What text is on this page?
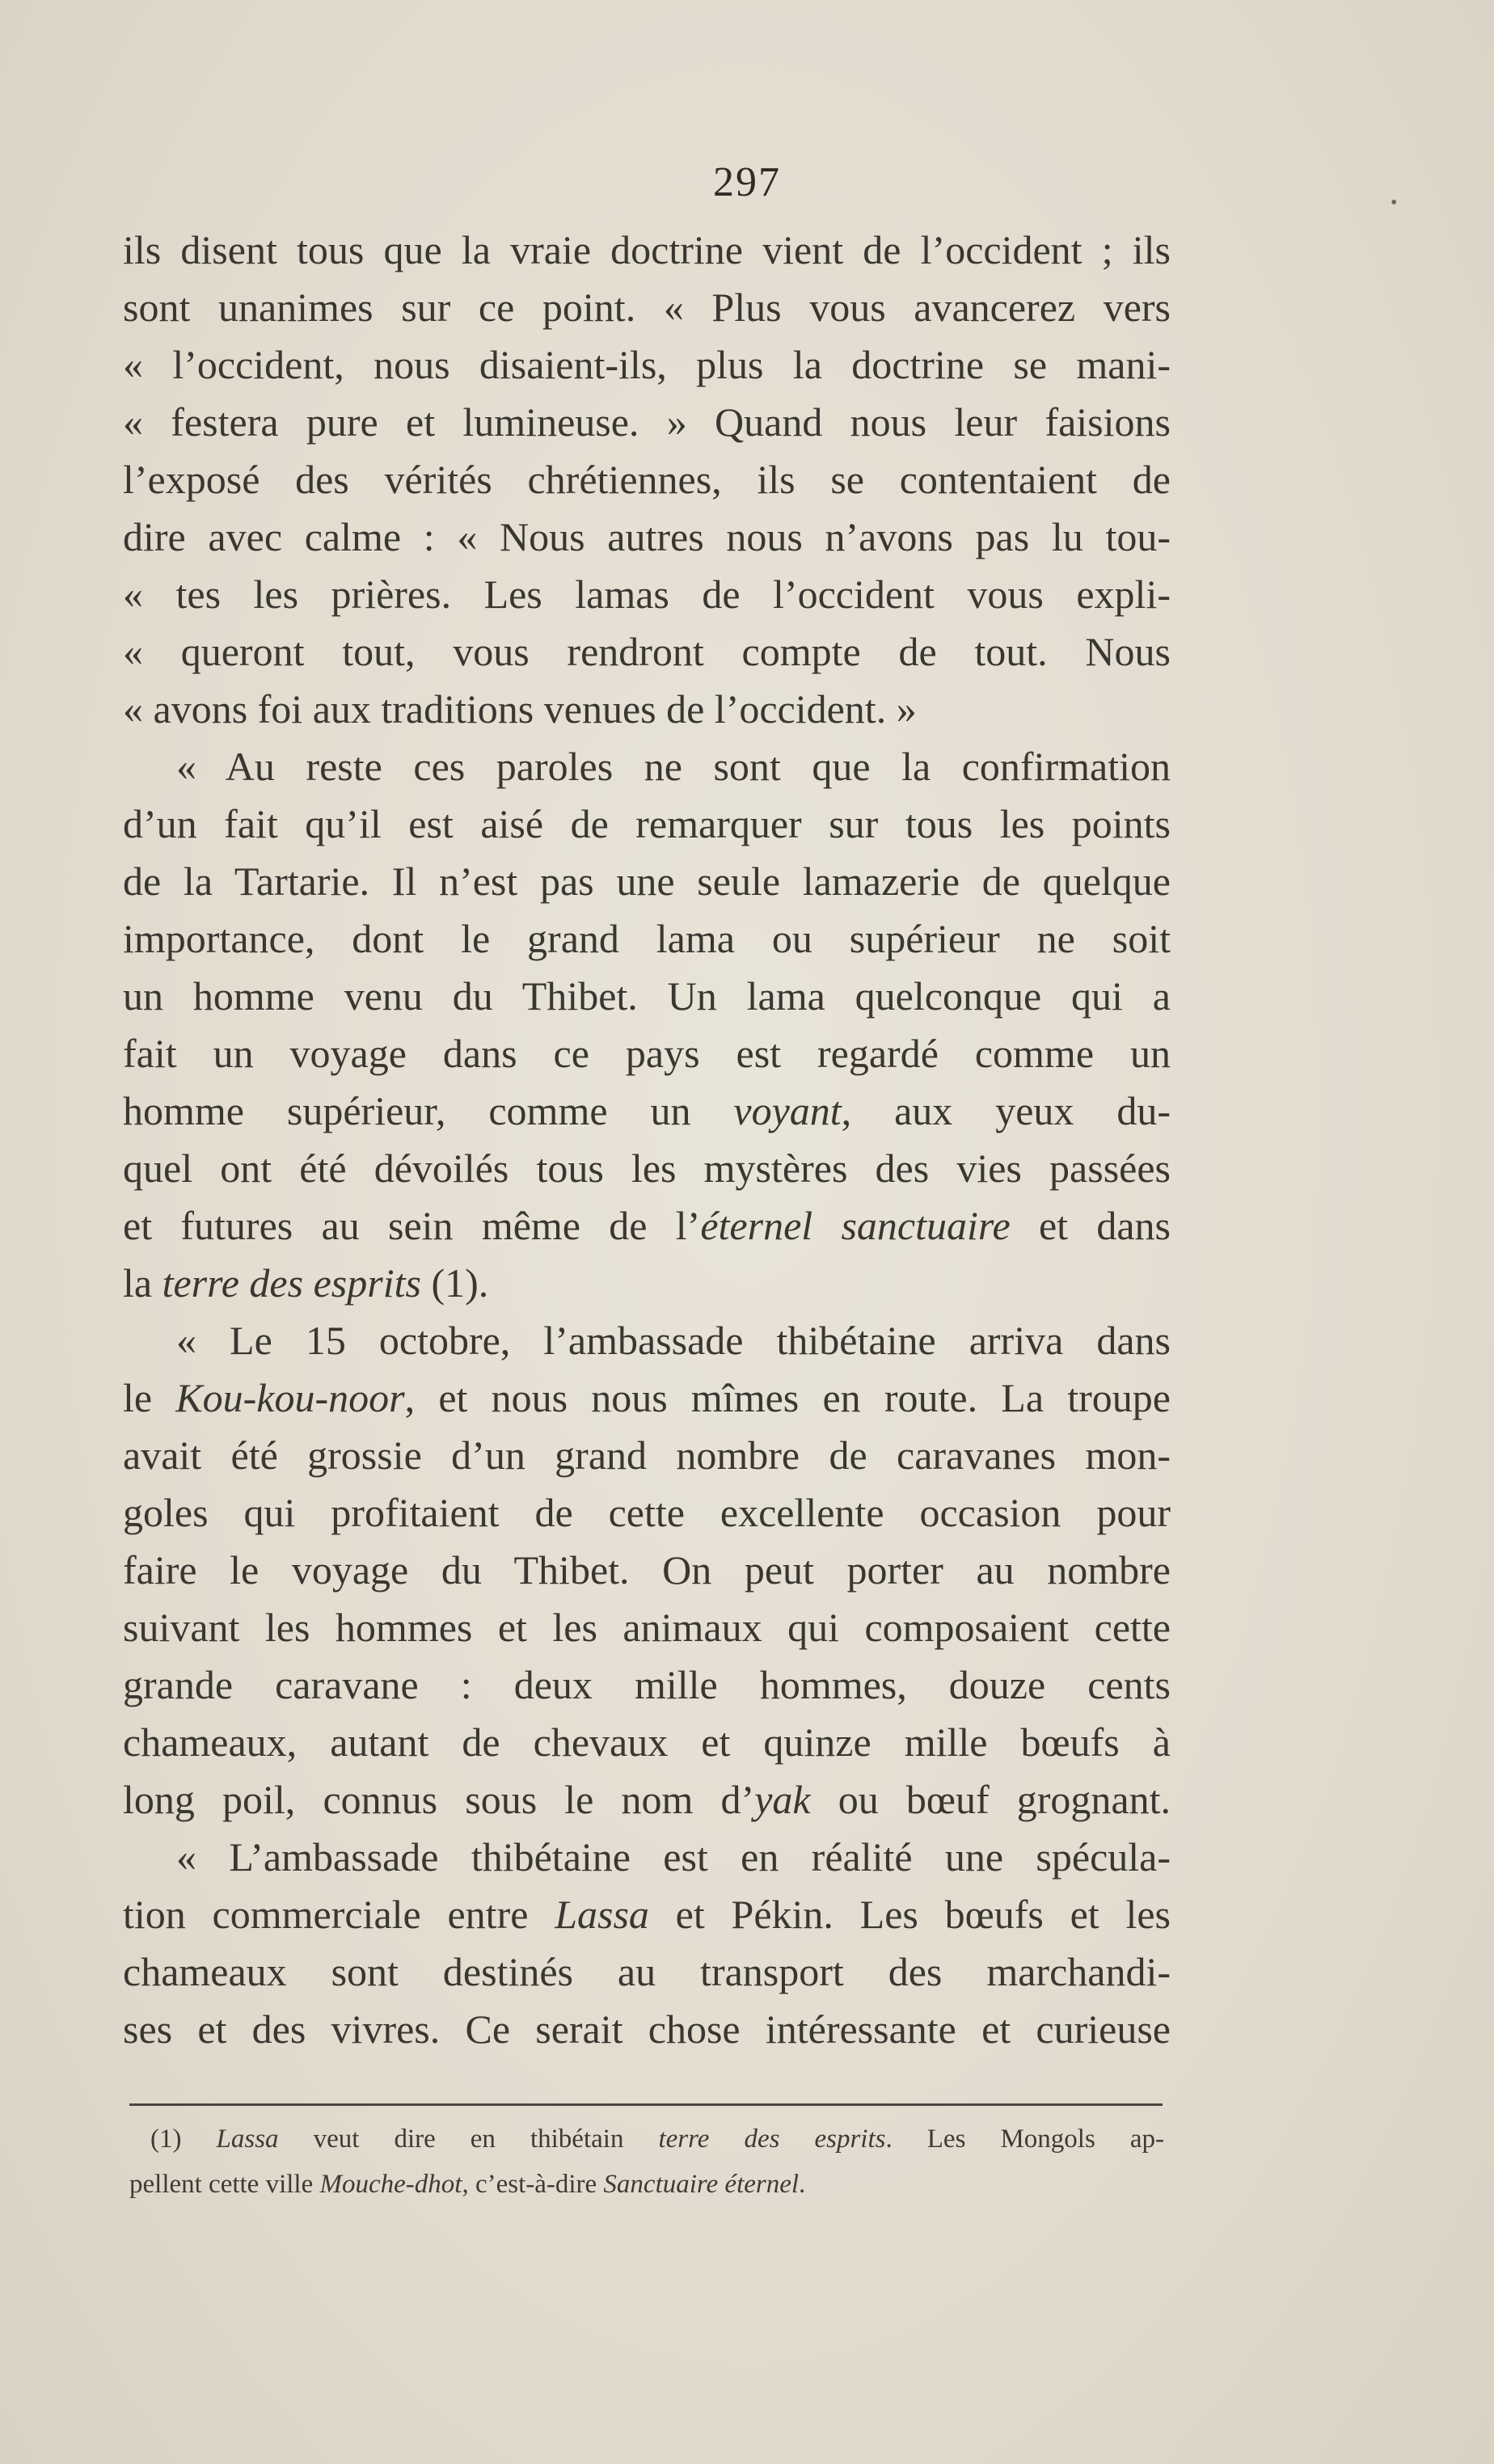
297	•
ils disent tous que la vraie doctrine vient de l’occident ; ils
sont unanimes sur ce point. « Plus vous avancerez vers
« l’occident, nous disaient-ils, plus la doctrine se mani-
« festera pure et lumineuse. » Quand nous leur faisions
l’exposé des vérités chrétiennes, ils se contentaient de
dire avec calme : « Nous autres nous n’avons pas lu tou-
« tes les prières. Les lamas de l’occident vous expli-
« queront tout, vous rendront compte de tout. Nous
« avons foi aux traditions venues de l’occident. »
« Au reste ces paroles ne sont que la confirmation
d’un fait qu’il est aisé de remarquer sur tous les points
de la Tartarie. Il n’est pas une seule lamazerie de quelque
importance, dont le grand lama ou supérieur ne soit
un homme venu du Thibet. Un lama quelconque qui a
fait un voyage dans ce pays est regardé comme un
homme supérieur, comme un voyant, aux yeux du-
quel ont été dévoilés tous les mystères des vies passées
et futures au sein même de l’éternel sanctuaire et dans
la terre des esprits (1).
« Le 15 octobre, l’ambassade thibétaine arriva dans
le Kou-kou-noor, et nous nous mîmes en route. La troupe
avait été grossie d’un grand nombre de caravanes mon-
goles qui profitaient de cette excellente occasion pour
faire le voyage du Thibet. On peut porter au nombre
suivant les hommes et les animaux qui composaient cette
grande caravane : deux mille hommes, douze cents
chameaux, autant de chevaux et quinze mille bœufs à
long poil, connus sous le nom d’yak ou bœuf grognant.
« L’ambassade thibétaine est en réalité une spécula-
tion commerciale entre Lassa et Pékin. Les bœufs et les
chameaux sont destinés au transport des marchandi-
ses et des vivres. Ce serait chose intéressante et curieuse
(1) Lassa veut dire en thibétain terre des esprits. Les Mongols ap-
pellent cette ville Mouche-dhot, c’est-à-dire Sanctuaire éternel.
